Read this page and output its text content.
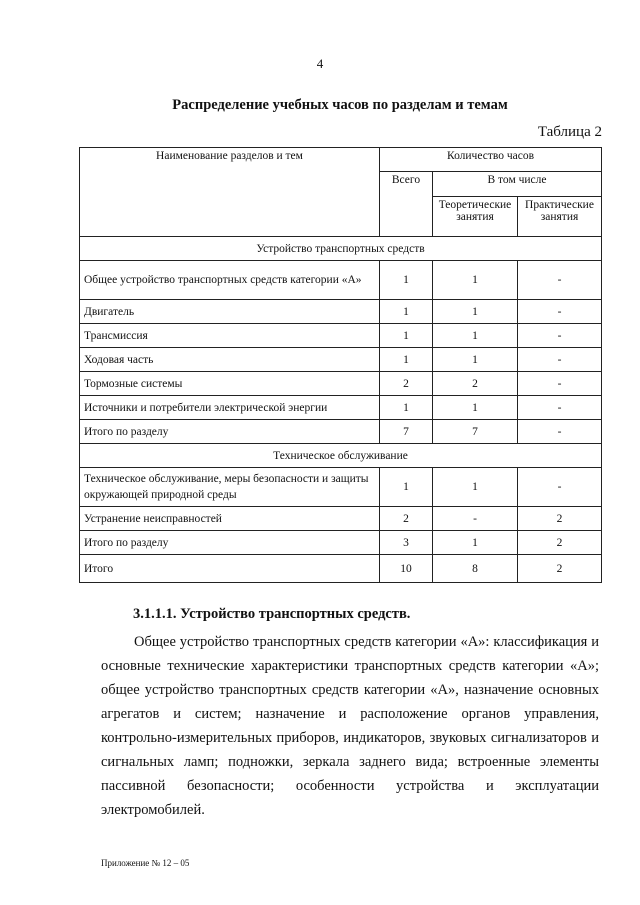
4
Распределение учебных часов по разделам и темам
Таблица 2
Наименование разделов и тем	Количество часов		
	Всего	В том числе	
		Теоретические занятия	Практические занятия
Устройство транспортных средств			
Общее устройство транспортных средств категории «А»	1	1	-
Двигатель	1	1	-
Трансмиссия	1	1	-
Ходовая часть	1	1	-
Тормозные системы	2	2	-
Источники и потребители электрической энергии	1	1	-
Итого по разделу	7	7	-
Техническое обслуживание			
Техническое обслуживание, меры безопасности и защиты окружающей природной среды	1	1	-
Устранение неисправностей	2	-	2
Итого по разделу	3	1	2
Итого	10	8	2
3.1.1.1. Устройство транспортных средств.

Общее устройство транспортных средств категории «А»: классификация и основные технические характеристики транспортных средств категории «А»; общее устройство транспортных средств категории «А», назначение основных агрегатов и систем; назначение и расположение органов управления, контрольно-измерительных приборов, индикаторов, звуковых сигнализаторов и сигнальных ламп; подножки, зеркала заднего вида; встроенные элементы пассивной безопасности; особенности устройства и эксплуатации электромобилей.

Приложение № 12 – 05
